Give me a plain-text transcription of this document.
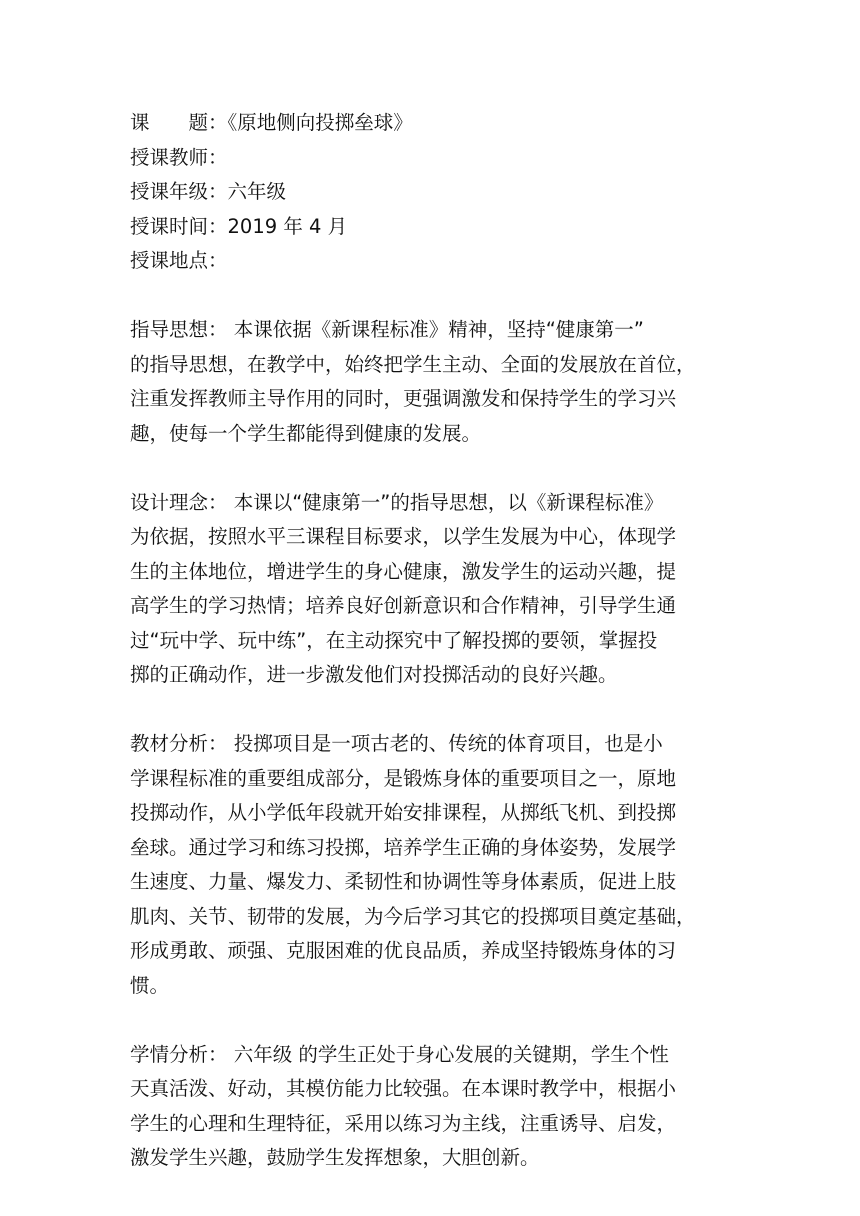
课　　题：《原地侧向投掷垒球》
授课教师：
授课年级：六年级
授课时间：2019 年 4 月
授课地点：
指导思想： 本课依据《新课程标准》精神，坚持“健康第一”
的指导思想，在教学中，始终把学生主动、全面的发展放在首位，
注重发挥教师主导作用的同时，更强调激发和保持学生的学习兴
趣，使每一个学生都能得到健康的发展。
设计理念： 本课以“健康第一”的指导思想，以《新课程标准》
为依据，按照水平三课程目标要求，以学生发展为中心，体现学
生的主体地位，增进学生的身心健康，激发学生的运动兴趣，提
高学生的学习热情；培养良好创新意识和合作精神，引导学生通
过“玩中学、玩中练”，在主动探究中了解投掷的要领，掌握投
掷的正确动作，进一步激发他们对投掷活动的良好兴趣。
教材分析： 投掷项目是一项古老的、传统的体育项目，也是小
学课程标准的重要组成部分，是锻炼身体的重要项目之一，原地
投掷动作，从小学低年段就开始安排课程，从掷纸飞机、到投掷
垒球。通过学习和练习投掷，培养学生正确的身体姿势，发展学
生速度、力量、爆发力、柔韧性和协调性等身体素质，促进上肢
肌肉、关节、韧带的发展，为今后学习其它的投掷项目奠定基础，
形成勇敢、顽强、克服困难的优良品质，养成坚持锻炼身体的习
惯。
学情分析： 六年级 的学生正处于身心发展的关键期，学生个性
天真活泼、好动，其模仿能力比较强。在本课时教学中，根据小
学生的心理和生理特征，采用以练习为主线，注重诱导、启发，
激发学生兴趣，鼓励学生发挥想象，大胆创新。
